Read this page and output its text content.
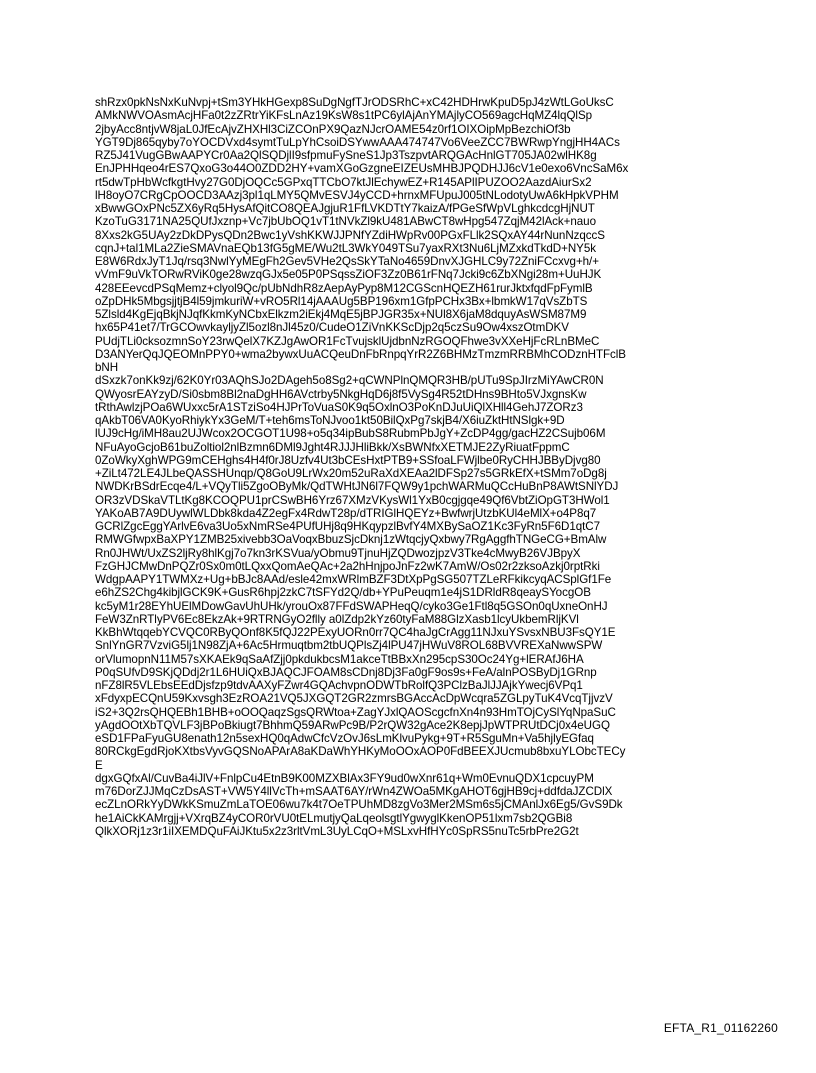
shRzx0pkNsNxKuNvpj+tSm3YHkHGexp8SuDgNgfTJrODSRhC+xC42HDHrwKpuD5pJ4zWtLGoUksC
AMkNWVOAsmAcjHFa0t2zZRtrYiKFsLnAz19KsW8s1tPC6ylAjAnYMAjlyCO569agcHqMZ4lqQlSp
2jbyAcc8ntjvW8jaL0JfEcAjvZHXHl3CiZCOnPX9QazNJcrOAME54z0rf1OIXOipMpBezchiOf3b
YGT9Dj865qyby7oYOCDVxd4symtTuLpYhCsoiDSYwwAAA474747Vo6VeeZCC7BWRwpYngjHH4ACs
RZ5J41VugGBwAAPYCr0Aa2QlSQDjlI9sfpmuFySneS1Jp3TszpvtARQGAcHnlGT705JA02wlHK8g
EnJPHHqeo4rES7QxoG3o44O0ZDD2HY+vamXGoGzgneEIZEUsMHBJPQDHJJ6cV1e0exo6VncSaM6x
rt5dwTpHbWcfkgtHvy27G0DjOQCc5GPxqTTCbO7ktJlEchywEZ+R145APlIPUZOO2AazdAiurSx2
lH8oyO7CRgCpOOCD3AAzj3pl1qLMY5QMvESVJ4yCCD+hrnxMFUpuJ005tNLodotyUwA6kHpkVPHM
xBwwGOxPNc5ZX6yRq5HysAfQitCO8QEAJgjuR1FfLVKDTtY7kaizA/fPGeSfWpVLghkcdcgHjNUT
KzoTuG3171NA25QUfJxznp+Vc7jbUbOQ1vT1tNVkZl9kU481ABwCT8wHpg547ZqjM42lAck+nauo
8Xxs2kG5UAy2zDkDPysQDn2Bwc1yVshKKWJJPNfYZdiHWpRv00PGxFLlk2SQxAY44rNunNzqccS
cqnJ+tal1MLa2ZieSMAVnaEQb13fG5gME/Wu2tL3WkY049TSu7yaxRXt3Nu6LjMZxkdTkdD+NY5k
E8W6RdxJyT1Jq/rsq3NwlYyMEgFh2Gev5VHe2QsSkYTaNo4659DnvXJGHLC9y72ZniFCcxvg+h/+
vVmF9uVkTORwRViK0ge28wzqGJx5e05P0PSqssZiOF3Zz0B61rFNq7Jcki9c6ZbXNgi28m+UuHJK
428EEevcdPSqMemz+clyol9Qc/pUbNdhR8zAepAyPyp8M12CGScnHQEZH61rurJktxfqdFpFymlB
oZpDHk5MbgsjjtjB4l59jmkuriW+vRO5Rl14jAAAUg5BP196xm1GfpPCHx3Bx+lbmkW17qVsZbTS
5Zlsld4KgEjqBkjNJqfKkmKyNCbxElkzm2iEkj4MqE5jBPJGR35x+NUl8X6jaM8dquyAsWSM87M9
hx65P41et7/TrGCOwvkayljyZl5ozl8nJl45z0/CudeO1ZiVnKKScDjp2q5czSu9Ow4xszOtmDKV
PUdjTLi0cksozmnSoY23rwQelX7KZJgAwOR1FcTvujsklUjdbnNzRGOQFhwe3vXXeHjFcRLnBMeC
D3ANYerQqJQEOMnPPY0+wma2bywxUuACQeuDnFbRnpqYrR2Z6BHMzTmzmRRBMhCODznHTFclB
bNH
dSxzk7onKk9zj/62K0Yr03AQhSJo2DAgeh5o8Sg2+qCWNPlnQMQR3HB/pUTu9SpJIrzMiYAwCR0N
QWyosrEAYzyD/Si0sbm8Bl2naDgHH6AVctrby5NkgHqD6j8f5VySg4R52tDHns9BHto5VJxgnsKw
tRthAwlzjPOa6WUxxc5rA1STziSo4HJPrToVuaS0K9q5OxlnO3PoKnDJuUiQlXHll4GehJ7ZORz3
qAkbT06VA0KyoRhiykYx3GeM/T+teh6msToNJvoo1kt50BilQxPg7skjB4/X6iuZktHtNSlgk+9D
lUJ9cHg/iMH8au2UJWcox2OCGOT1U98+o5q34ipBubS8RubmPbJgY+ZcDP4gg/gacHZ2CSujb06M
NFuAyoGcjoB61buZoltiol2nlBzmn6DMl9Jght4RJJJHliBkk/XsBWNfxXETMJE2ZyRiuatFppmC
0ZoWkyXghWPG9mCEHghs4H4f0rJ8Uzfv4Ut3bCEsHxtPTB9+SSfoaLFWjlbe0RyCHHJBByDjvg80
+ZiLt472LE4JLbeQASSHUnqp/Q8GoU9LrWx20m52uRaXdXEAa2lDFSp27s5GRkEfX+tSMm7oDg8j
NWDKrBSdrEcqe4/L+VQyTli5ZgoOByMk/QdTWHtJN6l7FQW9y1pchWARMuQCcHuBnP8AWtSNlYDJ
OR3zVDSkaVTLtKg8KCOQPU1prCSwBH6Yrz67XMzVKysWl1YxB0cgjgqe49Qf6VbtZiOpGT3HWol1
YAKoAB7A9DUywlWLDbk8kda4Z2egFx4RdwT28p/dTRIGlHQEYz+BwfwrjUtzbKUl4eMlX+o4P8q7
GCRlZgcEggYArlvE6va3Uo5xNmRSe4PUfUHj8q9HKqypzlBvfY4MXBySaOZ1Kc3FyRn5F6D1qtC7
RMWGfwpxBaXPY1ZMB25xivebb3OaVoqxBbuzSjcDknj1zWtqcjyQxbwy7RgAggfhTNGeCG+BmAlw
Rn0JHWt/UxZS2ljRy8hlKgj7o7kn3rKSVua/yObmu9TjnuHjZQDwozjpzV3Tke4cMwyB26VJBpyX
FzGHJCMwDnPQZr0Sx0m0tLQxxQomAeQAc+2a2hHnjpoJnFz2wK7AmW/Os02r2zksoAzkj0rptRki
WdgpAAPY1TWMXz+Ug+bBJc8AAd/esle42mxWRlmBZF3DtXpPgSG507TZLeRFkikcyqACSplGf1Fe
e6hZS2Chg4kibjlGCK9K+GusR6hpj2zkC7tSFYd2Q/db+YPuPeuqm1e4jS1DRldR8qeaySYocgOB
kc5yM1r28EYhUElMDowGavUhUHk/yrouOx87FFdSWAPHeqQ/cyko3Ge1Ftl8q5GSOn0qUxneOnHJ
FeW3ZnRTlyPV6Ec8EkzAk+9RTRNGyO2flly a0lZdp2kYz60tyFaM88GlzXasb1lcyUkbemRljKVl
KkBhWtqqebYCVQC0RByQOnf8K5fQJ22PExyUORn0rr7QC4haJgCrAgg11NJxuYSvsxNBU3FsQY1E
SnlYnGR7VzviG5lj1N98ZjA+6Ac5Hrmuqtbm2tbUQPlsZj4lPU47jHWuV8ROL68BVVREXaNwwSPW
orVlumopnN11M57sXKAEk9qSaAfZjj0pkdukbcsM1akceTtBBxXn295cpS30Oc24Yg+lERAfJ6HA
P0qSUfvD9SKjQDdj2r1L6HUiQxBJAQCJFOAM8sCDnj8Dj3Fa0gF9os9s+FeA/alnPOSByDj1GRnp
nFZ8lR5VLEbsEEdDjsfzp9tdvAAXyFZwr4GQAchvpnODWTbRolfQ3PClzBaJlJJAjkYwecj6VPq1
xFdyxpECQnU59Kxvsgh3EzROA21VQ5JXGQT2GR2zmrsBGAccAcDpWcqra5ZGLpyTuK4VcqTjjvzV
iS2+3Q2rsQHQEBh1BHB+oOOQaqzSgsQRWtoa+ZagYJxlQAOScgcfnXn4n93HmTOjCySlYqNpaSuC
yAgdOOtXbTQVLF3jBPoBkiugt7BhhmQ59ARwPc9B/P2rQW32gAce2K8epjJpWTPRUtDCj0x4eUGQ
eSD1FPaFyuGU8enath12n5sexHQ0qAdwCfcVzOvJ6sLmKlvuPykg+9T+R5SguMn+Va5hjlyEGfaq
80RCkgEgdRjoKXtbsVyvGQSNoAPArA8aKDaWhYHKyMoOOxAOP0FdBEEXJUcmub8bxuYLObcTECy
E
dgxGQfxAl/CuvBa4iJlV+FnlpCu4EtnB9K00MZXBlAx3FY9ud0wXnr61q+Wm0EvnuQDX1cpcuyPM
m76DorZJJMqCzDsAST+VW5Y4llVcTh+mSAAT6AY/rWn4ZWOa5MKgAHOT6gjHB9cj+ddfdaJZCDlX
ecZLnORkYyDWkKSmuZmLaTOE06wu7k4t7OeTPUhMD8zgVo3Mer2MSm6s5jCMAnlJx6Eg5/GvS9Dk
he1AiCkKAMrgjj+VXrqBZ4yCOR0rVU0tELmutjyQaLqeolsgtlYgwyglKkenOP51lxm7sb2QGBi8
QlkXORj1z3r1iIXEMDQuFAiJKtu5x2z3rltVmL3UyLCqO+MSLxvHfHYc0SpRS5nuTc5rbPre2G2t
EFTA_R1_01162260
